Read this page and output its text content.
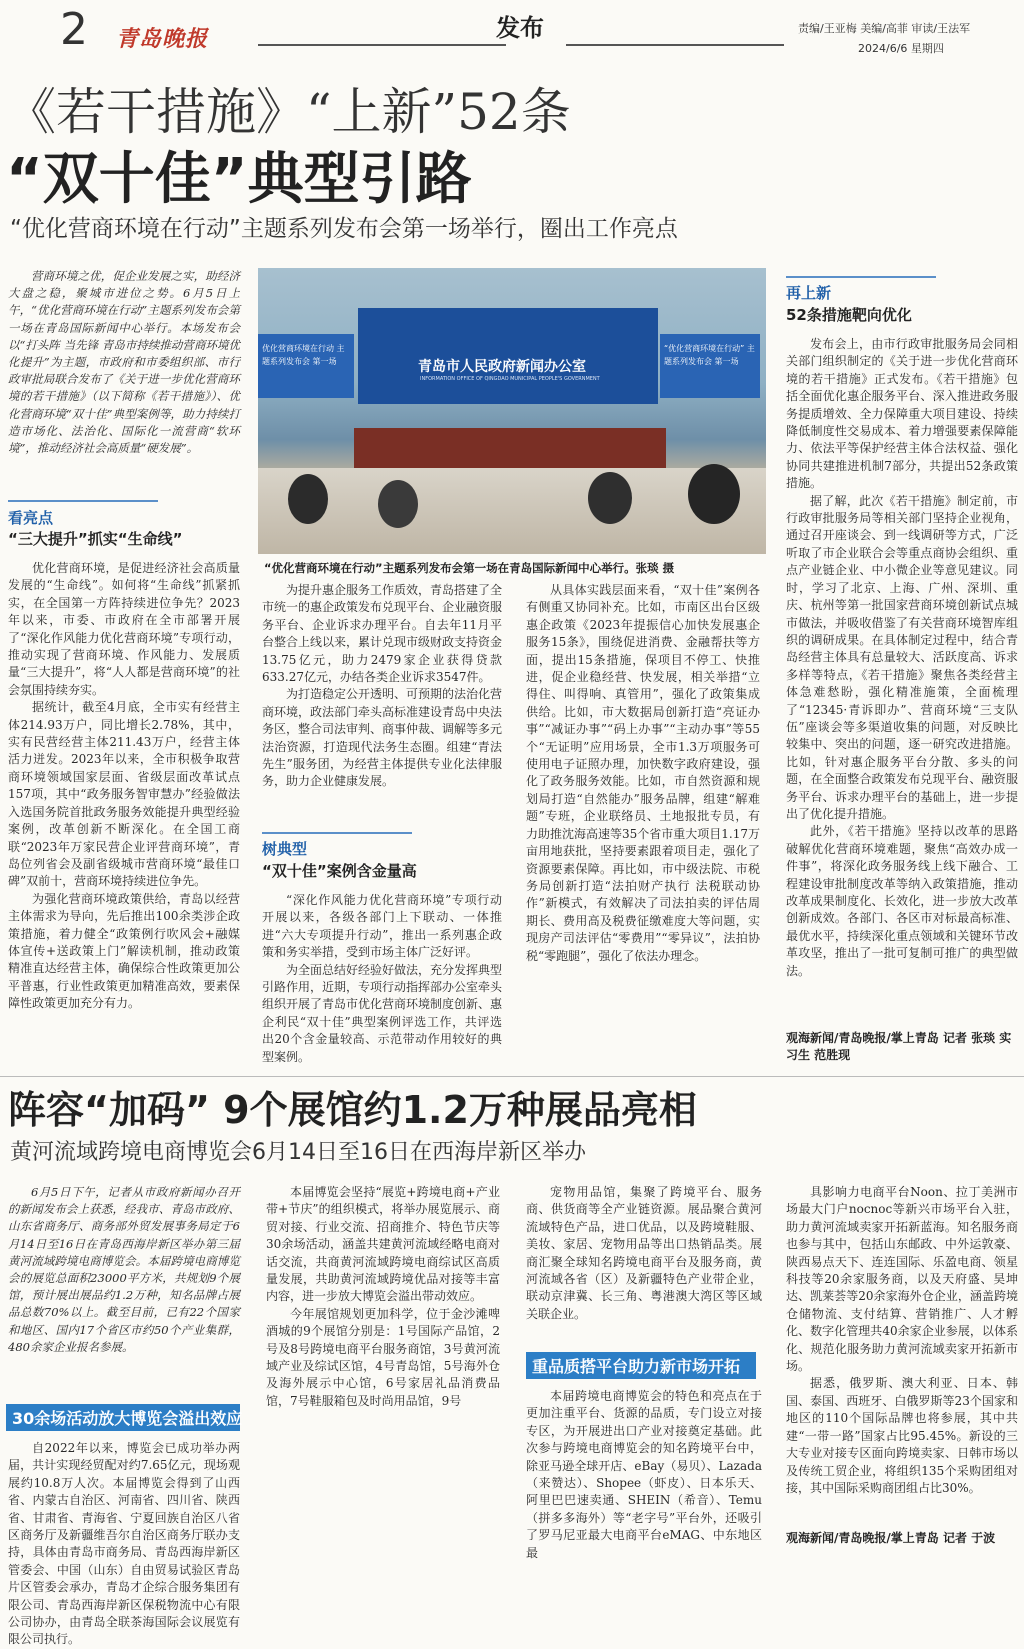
2 青岛晚报	发布	责编/王亚梅 美编/高菲 审读/王法军
2024/6/6 星期四
《若干措施》“上新”52条
“双十佳”典型引路
“优化营商环境在行动”主题系列发布会第一场举行，圈出工作亮点

营商环境之优，促企业发展之实，助经济大盘之稳，聚城市进位之势。6月5日上午，“优化营商环境在行动”主题系列发布会第一场在青岛国际新闻中心举行。本场发布会以“打头阵 当先锋 青岛市持续推动营商环境优化提升”为主题，市政府和市委组织部、市行政审批局联合发布了《关于进一步优化营商环境的若干措施》（以下简称《若干措施》）、优化营商环境“双十佳”典型案例等，助力持续打造市场化、法治化、国际化一流营商“软环境”，推动经济社会高质量“硬发展”。

看亮点
“三大提升”抓实“生命线”

优化营商环境，是促进经济社会高质量发展的“生命线”。如何将“生命线”抓紧抓实，在全国第一方阵持续进位争先？2023年以来，市委、市政府在全市部署开展了“深化作风能力优化营商环境”专项行动，推动实现了营商环境、作风能力、发展质量“三大提升”，将“人人都是营商环境”的社会氛围持续夯实。

据统计，截至4月底，全市实有经营主体214.93万户，同比增长2.78%，其中，实有民营经营主体211.43万户，经营主体活力迸发。2023年以来，全市积极争取营商环境领域国家层面、省级层面改革试点157项，其中“政务服务智审慧办”经验做法入选国务院首批政务服务效能提升典型经验案例，改革创新不断深化。在全国工商联“2023年万家民营企业评营商环境”，青岛位列省会及副省级城市营商环境“最佳口碑”双前十，营商环境持续进位争先。

为强化营商环境政策供给，青岛以经营主体需求为导向，先后推出100余类涉企政策措施，着力健全“政策例行吹风会+融媒体宣传+送政策上门”解读机制，推动政策精准直达经营主体，确保综合性政策更加公平普惠，行业性政策更加精准高效，要素保障性政策更加充分有力。

青岛市人民政府新闻办公室
INFORMATION OFFICE OF QINGDAO MUNICIPAL PEOPLE'S GOVERNMENT
优化营商环境在行动 主题系列发布会 第一场
“优化营商环境在行动” 主题系列发布会 第一场
“优化营商环境在行动”主题系列发布会第一场在青岛国际新闻中心举行。张琰 摄

为提升惠企服务工作质效，青岛搭建了全市统一的惠企政策发布兑现平台、企业融资服务平台、企业诉求办理平台。自去年11月平台整合上线以来，累计兑现市级财政支持资金13.75亿元，助力2479家企业获得贷款633.27亿元，办结各类企业诉求3547件。

为打造稳定公开透明、可预期的法治化营商环境，政法部门牵头高标准建设青岛中央法务区，整合司法审判、商事仲裁、调解等多元法治资源，打造现代法务生态圈。组建“青法先生”服务团，为经营主体提供专业化法律服务，助力企业健康发展。

树典型
“双十佳”案例含金量高

“深化作风能力优化营商环境”专项行动开展以来，各级各部门上下联动、一体推进“六大专项提升行动”，推出一系列惠企政策和务实举措，受到市场主体广泛好评。

为全面总结好经验好做法，充分发挥典型引路作用，近期，专项行动指挥部办公室牵头组织开展了青岛市优化营商环境制度创新、惠企利民“双十佳”典型案例评选工作，共评选出20个含金量较高、示范带动作用较好的典型案例。

从具体实践层面来看，“双十佳”案例各有侧重又协同补充。比如，市南区出台区级惠企政策《2023年提振信心加快发展惠企服务15条》，围绕促进消费、金融帮扶等方面，提出15条措施，保项目不停工、快推进，促企业稳经营、快发展，相关举措“立得住、叫得响、真管用”，强化了政策集成供给。比如，市大数据局创新打造“亮证办事”“减证办事”“码上办事”“主动办事”等55个“无证明”应用场景，全市1.3万项服务可使用电子证照办理，加快数字政府建设，强化了政务服务效能。比如，市自然资源和规划局打造“自然能办”服务品牌，组建“解难题”专班，企业联络员、土地报批专员，有力助推沈海高速等35个省市重大项目1.17万亩用地获批，坚持要素跟着项目走，强化了资源要素保障。再比如，市中级法院、市税务局创新打造“法拍财产执行 法税联动协作”新模式，有效解决了司法拍卖的评估周期长、费用高及税费征缴难度大等问题，实现房产司法评估“零费用”“零异议”，法拍协税“零跑腿”，强化了依法办理念。

再上新
52条措施靶向优化

发布会上，由市行政审批服务局会同相关部门组织制定的《关于进一步优化营商环境的若干措施》正式发布。《若干措施》包括全面优化惠企服务平台、深入推进政务服务提质增效、全力保障重大项目建设、持续降低制度性交易成本、着力增强要素保障能力、依法平等保护经营主体合法权益、强化协同共建推进机制7部分，共提出52条政策措施。

据了解，此次《若干措施》制定前，市行政审批服务局等相关部门坚持企业视角，通过召开座谈会、到一线调研等方式，广泛听取了市企业联合会等重点商协会组织、重点产业链企业、中小微企业等意见建议。同时，学习了北京、上海、广州、深圳、重庆、杭州等第一批国家营商环境创新试点城市做法，并吸收借鉴了有关营商环境智库组织的调研成果。在具体制定过程中，结合青岛经营主体具有总量较大、活跃度高、诉求多样等特点，《若干措施》聚焦各类经营主体急难愁盼，强化精准施策，全面梳理了“12345·青诉即办”、营商环境“三支队伍”座谈会等多渠道收集的问题，对反映比较集中、突出的问题，逐一研究改进措施。比如，针对惠企服务平台分散、多头的问题，在全面整合政策发布兑现平台、融资服务平台、诉求办理平台的基础上，进一步提出了优化提升措施。

此外，《若干措施》坚持以改革的思路破解优化营商环境难题，聚焦“高效办成一件事”，将深化政务服务线上线下融合、工程建设审批制度改革等纳入政策措施，推动改革成果制度化、长效化，进一步放大改革创新成效。各部门、各区市对标最高标准、最优水平，持续深化重点领域和关键环节改革攻坚，推出了一批可复制可推广的典型做法。

观海新闻/青岛晚报/掌上青岛 记者 张琰 实习生 范胜现
阵容“加码” 9个展馆约1.2万种展品亮相
黄河流域跨境电商博览会6月14日至16日在西海岸新区举办

6月5日下午，记者从市政府新闻办召开的新闻发布会上获悉，经我市、青岛市政府、山东省商务厅、商务部外贸发展事务局定于6月14日至16日在青岛西海岸新区举办第三届黄河流域跨境电商博览会。本届跨境电商博览会的展览总面积23000平方米，共规划9个展馆，预计展出展品约1.2万种，知名品牌占展品总数70%以上。截至目前，已有22个国家和地区、国内17个省区市约50个产业集群，480余家企业报名参展。

30余场活动放大博览会溢出效应

自2022年以来，博览会已成功举办两届，共计实现经贸配对约7.65亿元，现场观展约10.8万人次。本届博览会得到了山西省、内蒙古自治区、河南省、四川省、陕西省、甘肃省、青海省、宁夏回族自治区八省区商务厅及新疆维吾尔自治区商务厅联办支持，具体由青岛市商务局、青岛西海岸新区管委会、中国（山东）自由贸易试验区青岛片区管委会承办，青岛才企综合服务集团有限公司、青岛西海岸新区保税物流中心有限公司协办，由青岛全联茶海国际会议展览有限公司执行。

本届博览会坚持“展览+跨境电商+产业带+节庆”的组织模式，将举办展览展示、商贸对接、行业交流、招商推介、特色节庆等30余场活动，涵盖共建黄河流域经略电商对话交流，共商黄河流域跨境电商综试区高质量发展，共助黄河流域跨境优品对接等丰富内容，进一步放大博览会溢出带动效应。

今年展馆规划更加科学，位于金沙滩啤酒城的9个展馆分别是：1号国际产品馆，2号及8号跨境电商平台服务商馆，3号黄河流域产业及综试区馆，4号青岛馆，5号海外仓及海外展示中心馆，6号家居礼品消费品馆，7号鞋服箱包及时尚用品馆，9号

宠物用品馆，集聚了跨境平台、服务商、供货商等全产业链资源。展品聚合黄河流域特色产品，进口优品，以及跨境鞋服、美妆、家居、宠物用品等出口热销品类。展商汇聚全球知名跨境电商平台及服务商，黄河流域各省（区）及新疆特色产业带企业，联动京津冀、长三角、粤港澳大湾区等区域关联企业。

重品质搭平台助力新市场开拓

本届跨境电商博览会的特色和亮点在于更加注重平台、货源的品质，专门设立对接专区，为开展进出口产业对接奠定基础。此次参与跨境电商博览会的知名跨境平台中，除亚马逊全球开店、eBay（易贝）、Lazada（来赞达）、Shopee（虾皮）、日本乐天、阿里巴巴速卖通、SHEIN（希音）、Temu（拼多多海外）等“老字号”平台外，还吸引了罗马尼亚最大电商平台eMAG、中东地区最

具影响力电商平台Noon、拉丁美洲市场最大门户nocnoc等新兴市场平台入驻，助力黄河流域卖家开拓新蓝海。知名服务商也参与其中，包括山东邮政、中外运敦豪、陕西易点天下、连连国际、乐盈电商、领星科技等20余家服务商，以及天府盛、昊坤达、凯莱荟等20余家海外仓企业，涵盖跨境仓储物流、支付结算、营销推广、人才孵化、数字化管理共40余家企业参展，以体系化、规范化服务助力黄河流域卖家开拓新市场。

据悉，俄罗斯、澳大利亚、日本、韩国、泰国、西班牙、白俄罗斯等23个国家和地区的110个国际品牌也将参展，其中共建“一带一路”国家占比95.45%。新设的三大专业对接专区面向跨境卖家、日韩市场以及传统工贸企业，将组织135个采购团组对接，其中国际采购商团组占比30%。

观海新闻/青岛晚报/掌上青岛 记者 于波
